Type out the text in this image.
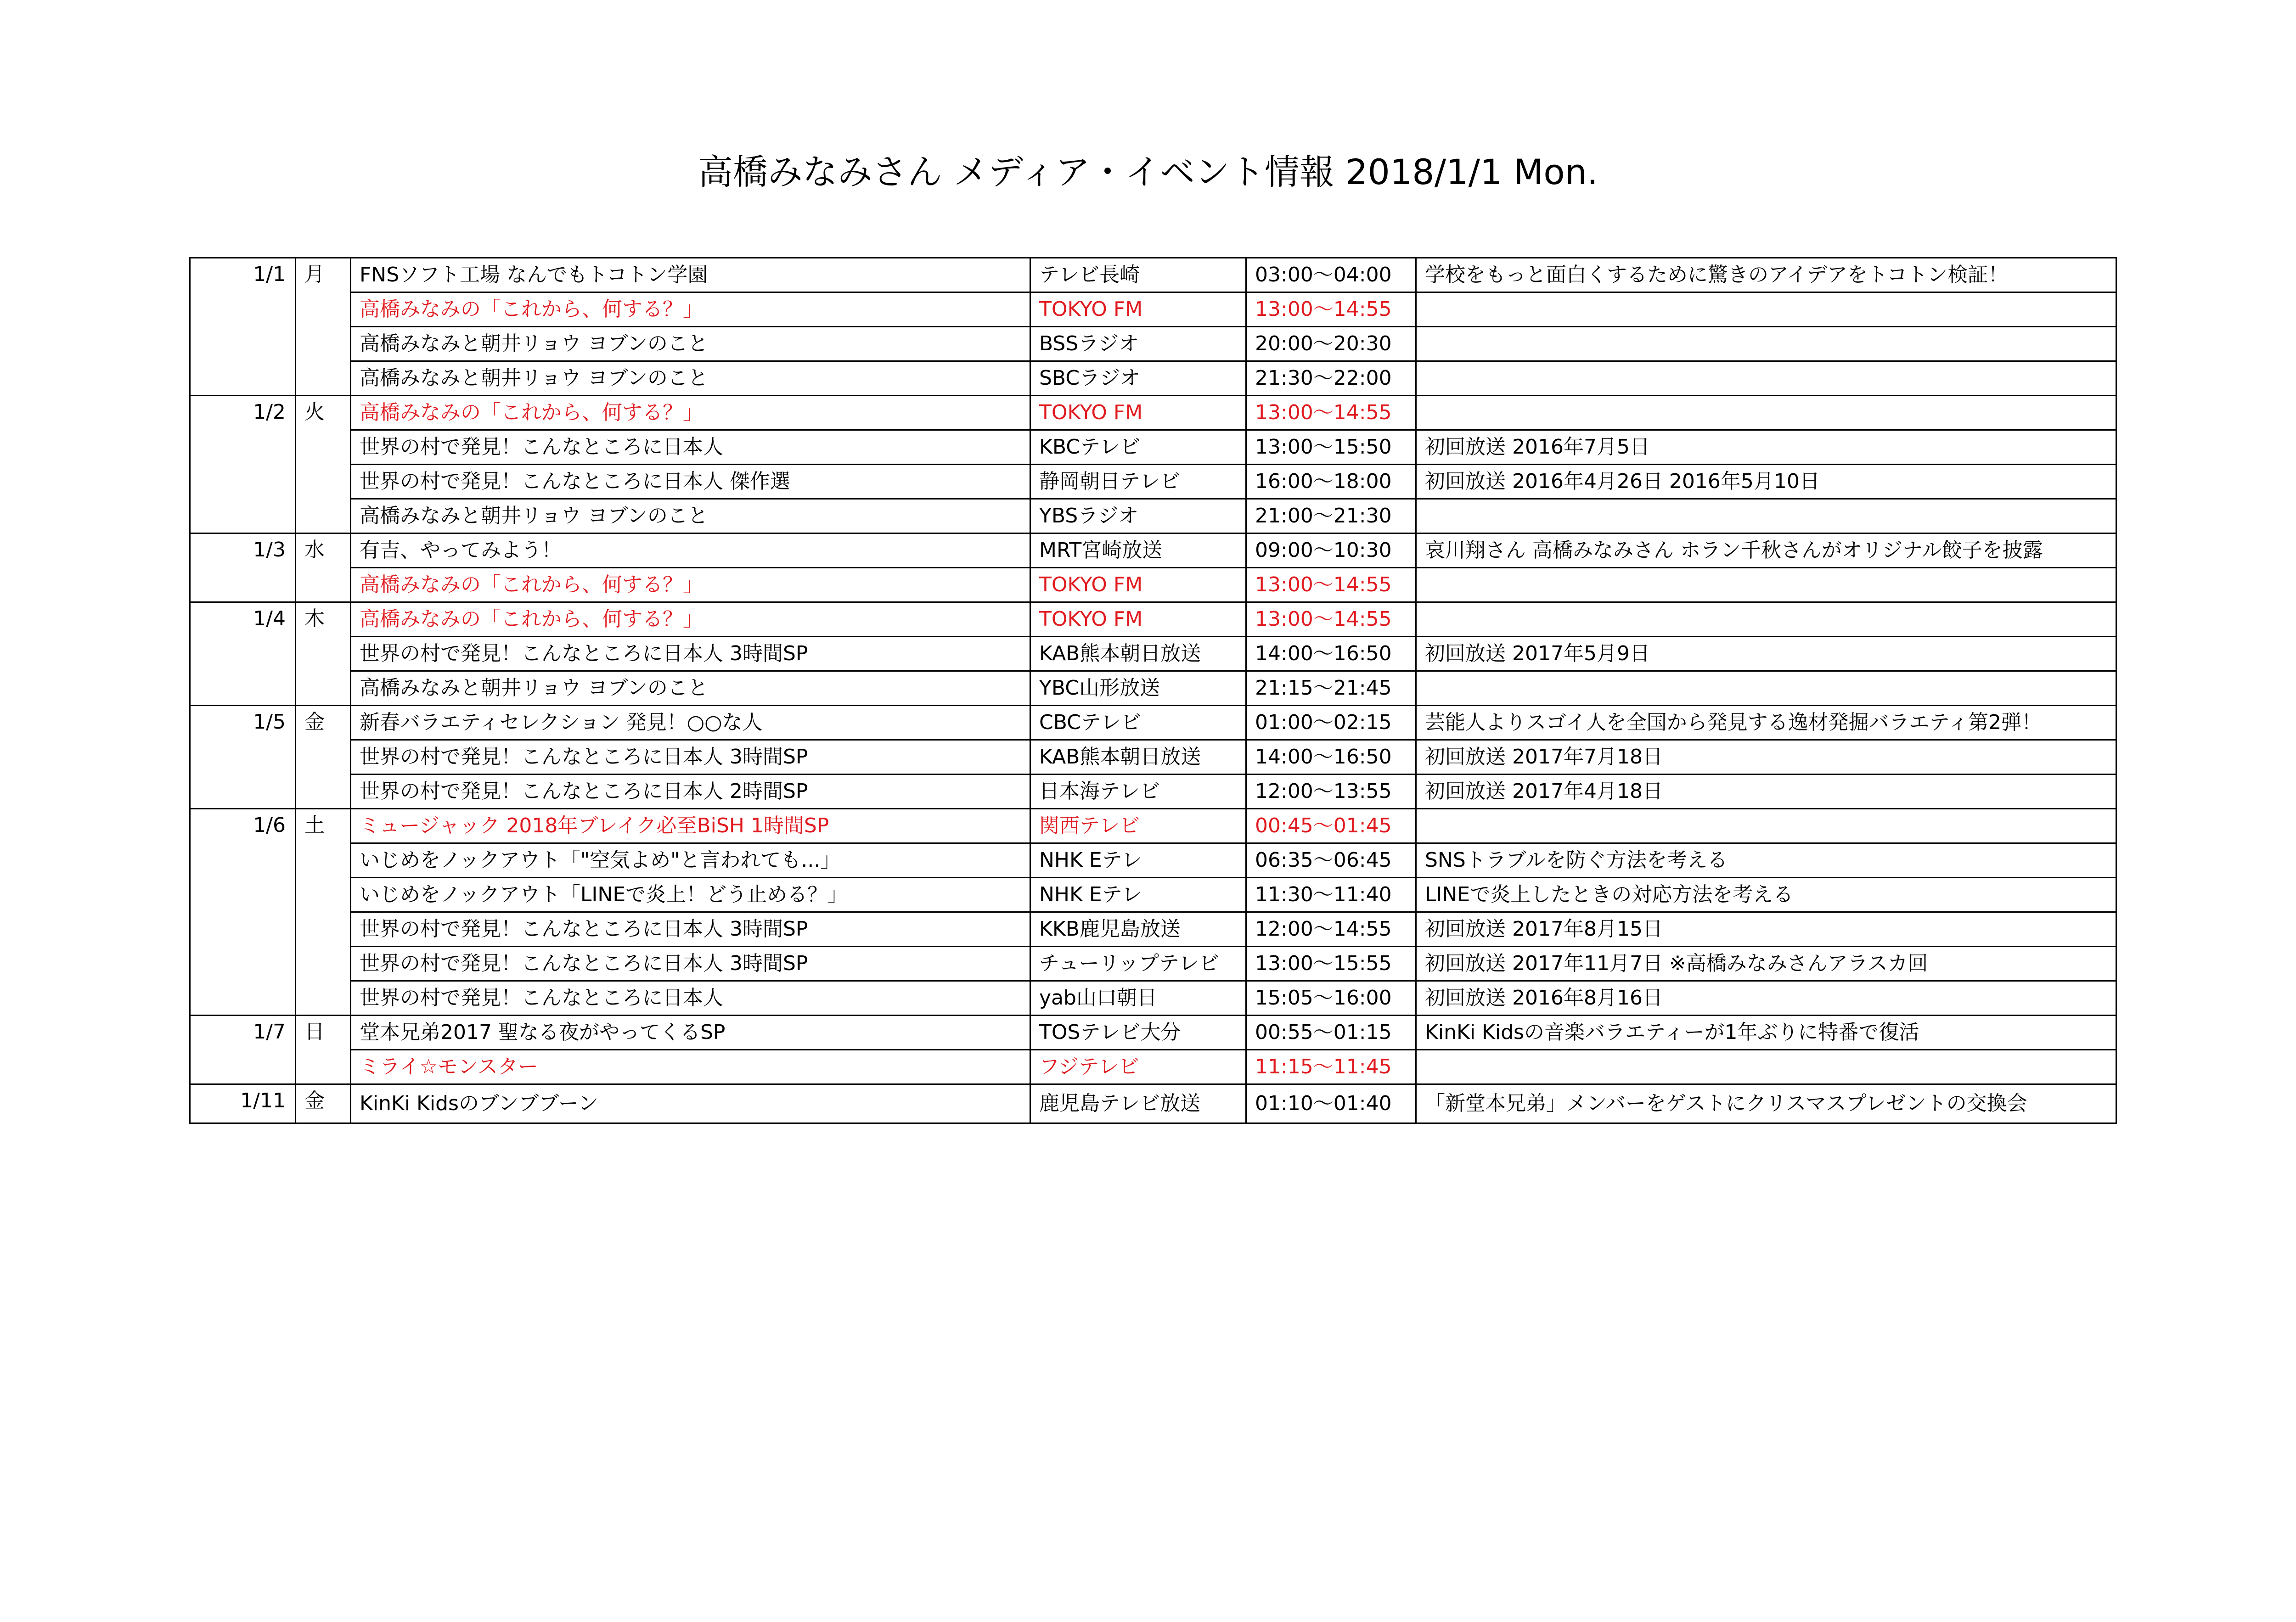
高橋みなみさん メディア・イベント情報 2018/1/1 Mon.
1/1	月	FNSソフト工場 なんでもトコトン学園	テレビ長崎	03:00〜04:00	学校をもっと面白くするために驚きのアイデアをトコトン検証！
		高橋みなみの「これから、何する？」	TOKYO FM	13:00〜14:55	
		高橋みなみと朝井リョウ ヨブンのこと	BSSラジオ	20:00〜20:30	
		高橋みなみと朝井リョウ ヨブンのこと	SBCラジオ	21:30〜22:00	
1/2	火	高橋みなみの「これから、何する？」	TOKYO FM	13:00〜14:55	
		世界の村で発見！こんなところに日本人	KBCテレビ	13:00〜15:50	初回放送 2016年7月5日
		世界の村で発見！こんなところに日本人 傑作選	静岡朝日テレビ	16:00〜18:00	初回放送 2016年4月26日 2016年5月10日
		高橋みなみと朝井リョウ ヨブンのこと	YBSラジオ	21:00〜21:30	
1/3	水	有吉、やってみよう！	MRT宮崎放送	09:00〜10:30	哀川翔さん 高橋みなみさん ホラン千秋さんがオリジナル餃子を披露
		高橋みなみの「これから、何する？」	TOKYO FM	13:00〜14:55	
1/4	木	高橋みなみの「これから、何する？」	TOKYO FM	13:00〜14:55	
		世界の村で発見！こんなところに日本人 3時間SP	KAB熊本朝日放送	14:00〜16:50	初回放送 2017年5月9日
		高橋みなみと朝井リョウ ヨブンのこと	YBC山形放送	21:15〜21:45	
1/5	金	新春バラエティセレクション 発見！○○な人	CBCテレビ	01:00〜02:15	芸能人よりスゴイ人を全国から発見する逸材発掘バラエティ第2弾！
		世界の村で発見！こんなところに日本人 3時間SP	KAB熊本朝日放送	14:00〜16:50	初回放送 2017年7月18日
		世界の村で発見！こんなところに日本人 2時間SP	日本海テレビ	12:00〜13:55	初回放送 2017年4月18日
1/6	土	ミュージャック 2018年ブレイク必至BiSH 1時間SP	関西テレビ	00:45〜01:45	
		いじめをノックアウト「"空気よめ"と言われても...」	NHK Eテレ	06:35〜06:45	SNSトラブルを防ぐ方法を考える
		いじめをノックアウト「LINEで炎上！どう止める？」	NHK Eテレ	11:30〜11:40	LINEで炎上したときの対応方法を考える
		世界の村で発見！こんなところに日本人 3時間SP	KKB鹿児島放送	12:00〜14:55	初回放送 2017年8月15日
		世界の村で発見！こんなところに日本人 3時間SP	チューリップテレビ	13:00〜15:55	初回放送 2017年11月7日 ※高橋みなみさんアラスカ回
		世界の村で発見！こんなところに日本人	yab山口朝日	15:05〜16:00	初回放送 2016年8月16日
1/7	日	堂本兄弟2017 聖なる夜がやってくるSP	TOSテレビ大分	00:55〜01:15	KinKi Kidsの音楽バラエティーが1年ぶりに特番で復活
		ミライ☆モンスター	フジテレビ	11:15〜11:45	
1/11	金	KinKi Kidsのブンブブーン	鹿児島テレビ放送	01:10〜01:40	「新堂本兄弟」メンバーをゲストにクリスマスプレゼントの交換会
